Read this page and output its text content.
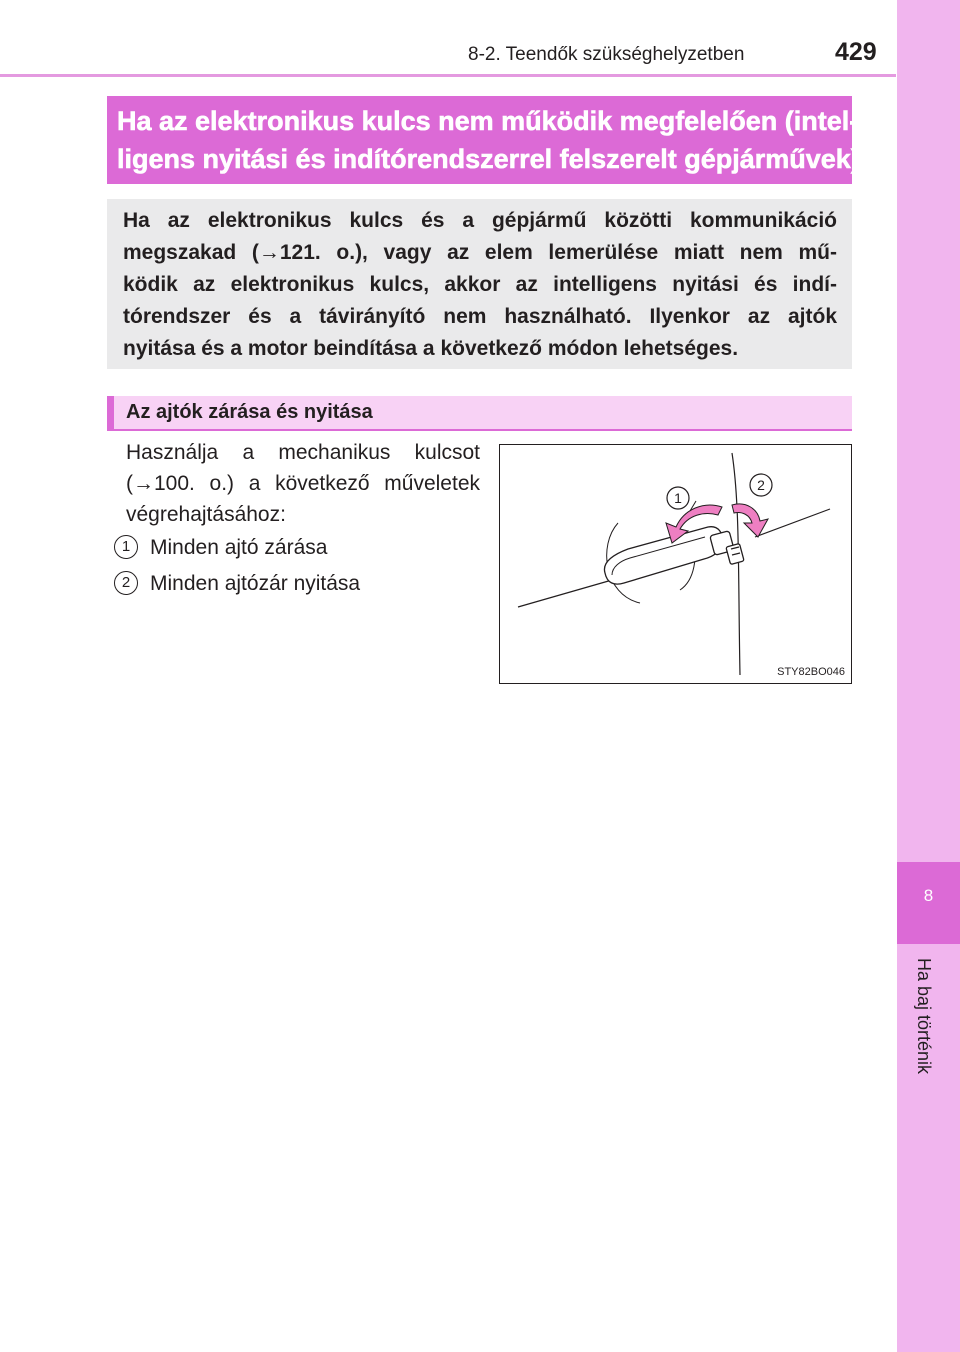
8-2. Teendők szükséghelyzetben	429
8
Ha baj történik
Ha az elektronikus kulcs nem működik megfelelően (intel-
ligens nyitási és indítórendszerrel felszerelt gépjárművek)
Ha az elektronikus kulcs és a gépjármű közötti kommunikáció
megszakad (→121. o.), vagy az elem lemerülése miatt nem mű-
ködik az elektronikus kulcs, akkor az intelligens nyitási és indí-
tórendszer és a távirányító nem használható. Ilyenkor az ajtók
nyitása és a motor beindítása a következő módon lehetséges.
Az ajtók zárása és nyitása
Használja a mechanikus kulcsot
(→100. o.) a következő műveletek
végrehajtásához:
1 Minden ajtó zárása
2 Minden ajtózár nyitása
1
2
STY82BO046
